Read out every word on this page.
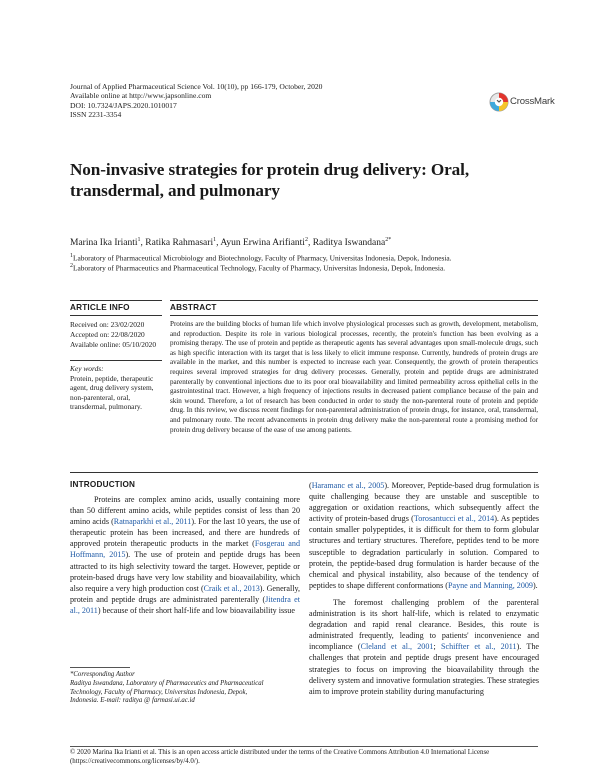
Journal of Applied Pharmaceutical Science Vol. 10(10), pp 166-179, October, 2020
Available online at http://www.japsonline.com
DOI: 10.7324/JAPS.2020.1010017
ISSN 2231-3354
CrossMark
Non-invasive strategies for protein drug delivery: Oral, transdermal, and pulmonary
Marina Ika Irianti$^1$, Ratika Rahmasari$^1$, Ayun Erwina Arifianti$^2$, Raditya Iswandana$^{2*}$
$^1$Laboratory of Pharmaceutical Microbiology and Biotechnology, Faculty of Pharmacy, Universitas Indonesia, Depok, Indonesia.
$^2$Laboratory of Pharmaceutics and Pharmaceutical Technology, Faculty of Pharmacy, Universitas Indonesia, Depok, Indonesia.
ARTICLE INFO	ABSTRACT
Received on: 23/02/2020
Accepted on: 22/08/2020
Available online: 05/10/2020
Key words:
Protein, peptide, therapeutic agent, drug delivery system, non-parenteral, oral, transdermal, pulmonary.
Proteins are the building blocks of human life which involve physiological processes such as growth, development, metabolism, and reproduction. Despite its role in various biological processes, recently, the protein's function has been evolving as a promising therapy. The use of protein and peptide as therapeutic agents has several advantages upon small-molecule drugs, such as high specific interaction with its target that is less likely to elicit immune response. Currently, hundreds of protein drugs are available in the market, and this number is expected to increase each year. Consequently, the growth of protein therapeutics requires several improved strategies for drug delivery processes. Generally, protein and peptide drugs are administrated parenterally by conventional injections due to its poor oral bioavailability and limited permeability across epithelial cells in the gastrointestinal tract. However, a high frequency of injections results in decreased patient compliance because of the pain and skin wound. Therefore, a lot of research has been conducted in order to study the non-parenteral route of protein and peptide drug. In this review, we discuss recent findings for non-parenteral administration of protein drugs, for instance, oral, transdermal, and pulmonary route. The recent advancements in protein drug delivery make the non-parenteral route a promising method for protein drug delivery because of the ease of use among patients.
INTRODUCTION

Proteins are complex amino acids, usually containing more than 50 different amino acids, while peptides consist of less than 20 amino acids (Ratnaparkhi et al., 2011). For the last 10 years, the use of therapeutic protein has been increased, and there are hundreds of approved protein therapeutic products in the market (Fosgerau and Hoffmann, 2015). The use of protein and peptide drugs has been attracted to its high selectivity toward the target. However, peptide or protein-based drugs have very low stability and bioavailability, which also require a very high production cost (Craik et al., 2013). Generally, protein and peptide drugs are administrated parenterally (Jitendra et al., 2011) because of their short half-life and low bioavailability issue

(Haramanc et al., 2005). Moreover, Peptide-based drug formulation is quite challenging because they are unstable and susceptible to aggregation or oxidation reactions, which subsequently affect the activity of protein-based drugs (Torosantucci et al., 2014). As peptides contain smaller polypeptides, it is difficult for them to form globular structures and tertiary structures. Therefore, peptides tend to be more susceptible to degradation particularly in solution. Compared to protein, the peptide-based drug formulation is harder because of the chemical and physical instability, also because of the tendency of peptides to shape different conformations (Payne and Manning, 2009).

The foremost challenging problem of the parenteral administration is its short half-life, which is related to enzymatic degradation and rapid renal clearance. Besides, this route is administrated frequently, leading to patients' inconvenience and incompliance (Cleland et al., 2001; Schiffter et al., 2011). The challenges that protein and peptide drugs present have encouraged strategies to focus on improving the bioavailability through the delivery system and innovative formulation strategies. These strategies aim to improve protein stability during manufacturing

*Corresponding Author
Raditya Iswandana, Laboratory of Pharmaceutics and Pharmaceutical
Technology, Faculty of Pharmacy, Universitas Indonesia, Depok,
Indonesia. E-mail: raditya @ farmasi.ui.ac.id
© 2020 Marina Ika Irianti et al. This is an open access article distributed under the terms of the Creative Commons Attribution 4.0 International License
(https://creativecommons.org/licenses/by/4.0/).
